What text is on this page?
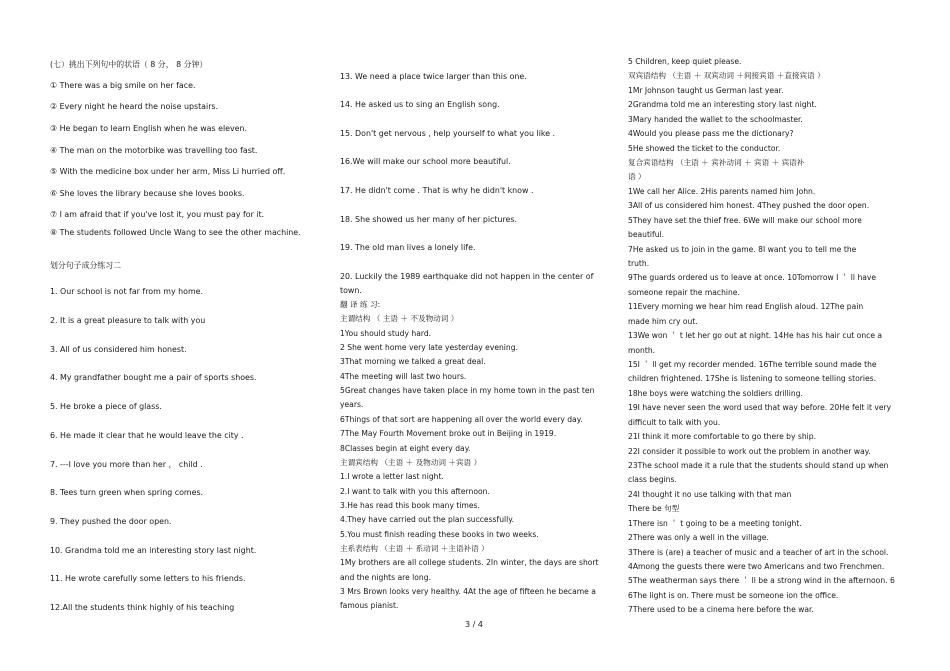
(七）挑出下列句中的状语（ 8 分， 8 分钟）
① There was a big smile on her face.
② Every night he heard the noise upstairs.
③ He began to learn English when he was eleven.
④ The man on the motorbike was travelling too fast.
⑤ With the medicine box under her arm, Miss Li hurried off.
⑥ She loves the library because she loves books.
⑦ I am afraid that if you've lost it, you must pay for it.
⑧ The students followed Uncle Wang to see the other machine.
划分句子成分练习二
1. Our school is not far from my home.
2. It is a great pleasure to talk with you
3. All of us considered him honest.
4. My grandfather bought me a pair of sports shoes.
5. He broke a piece of glass.
6. He made it clear that he would leave the city .
7. ---I love you more than her ， child .
8. Tees turn green when spring comes.
9. They pushed the door open.
10. Grandma told me an interesting story last night.
11. He wrote carefully some letters to his friends.
12.All the students think highly of his teaching
13. We need a place twice larger than this one.
14. He asked us to sing an English song.
15. Don't get nervous , help yourself to what you like .
16.We will make our school more beautiful.
17. He didn't come . That is why he didn't know .
18. She showed us her many of her pictures.
19. The old man lives a lonely life.
20. Luckily the 1989 earthquake did not happen in the center of
town.
翻 译 练 习:
主谓结构 （ 主语 ＋ 不及物动词 ）
1You should study hard.
2 She went home very late yesterday evening.
3That morning we talked a great deal.
4The meeting will last two hours.
5Great changes have taken place in my home town in the past ten
years.
6Things of that sort are happening all over the world every day.
7The May Fourth Movement broke out in Beijing in 1919.
8Classes begin at eight every day.
主谓宾结构 （主语 ＋ 及物动词 ＋宾语 ）
1.I wrote a letter last night.
2.I want to talk with you this afternoon.
3.He has read this book many times.
4.They have carried out the plan successfully.
5.You must finish reading these books in two weeks.
主系表结构 （主语 ＋ 系动词 ＋主语补语 ）
1My brothers are all college students. 2In winter, the days are short
and the nights are long.
3 Mrs Brown looks very healthy. 4At the age of fifteen he became a
famous pianist.
5 Children, keep quiet please.
双宾语结构 （主语 ＋ 双宾动词 ＋间接宾语 ＋直接宾语 ）
1Mr Johnson taught us German last year.
2Grandma told me an interesting story last night.
3Mary handed the wallet to the schoolmaster.
4Would you please pass me the dictionary?
5He showed the ticket to the conductor.
复合宾语结构 （主语 ＋ 宾补动词 ＋ 宾语 ＋ 宾语补
语 ）
1We call her Alice. 2His parents named him John.
3All of us considered him honest. 4They pushed the door open.
5They have set the thief free. 6We will make our school more
beautiful.
7He asked us to join in the game. 8I want you to tell me the
truth.
9The guards ordered us to leave at once. 10Tomorrow I ＇ ll have
someone repair the machine.
11Every morning we hear him read English aloud. 12The pain
made him cry out.
13We won ＇ t let her go out at night. 14He has his hair cut once a
month.
15I ＇ ll get my recorder mended. 16The terrible sound made the
children frightened. 17She is listening to someone telling stories.
18he boys were watching the soldiers drilling.
19I have never seen the word used that way before. 20He felt it very
difficult to talk with you.
21I think it more comfortable to go there by ship.
22I consider it possible to work out the problem in another way.
23The school made it a rule that the students should stand up when
class begins.
24I thought it no use talking with that man
There be 句型
1There isn ＇ t going to be a meeting tonight.
2There was only a well in the village.
3There is (are) a teacher of music and a teacher of art in the school.
4Among the guests there were two Americans and two Frenchmen.
5The weatherman says there ＇ ll be a strong wind in the afternoon. 6
6The light is on. There must be someone ion the office.
7There used to be a cinema here before the war.
3 / 4
